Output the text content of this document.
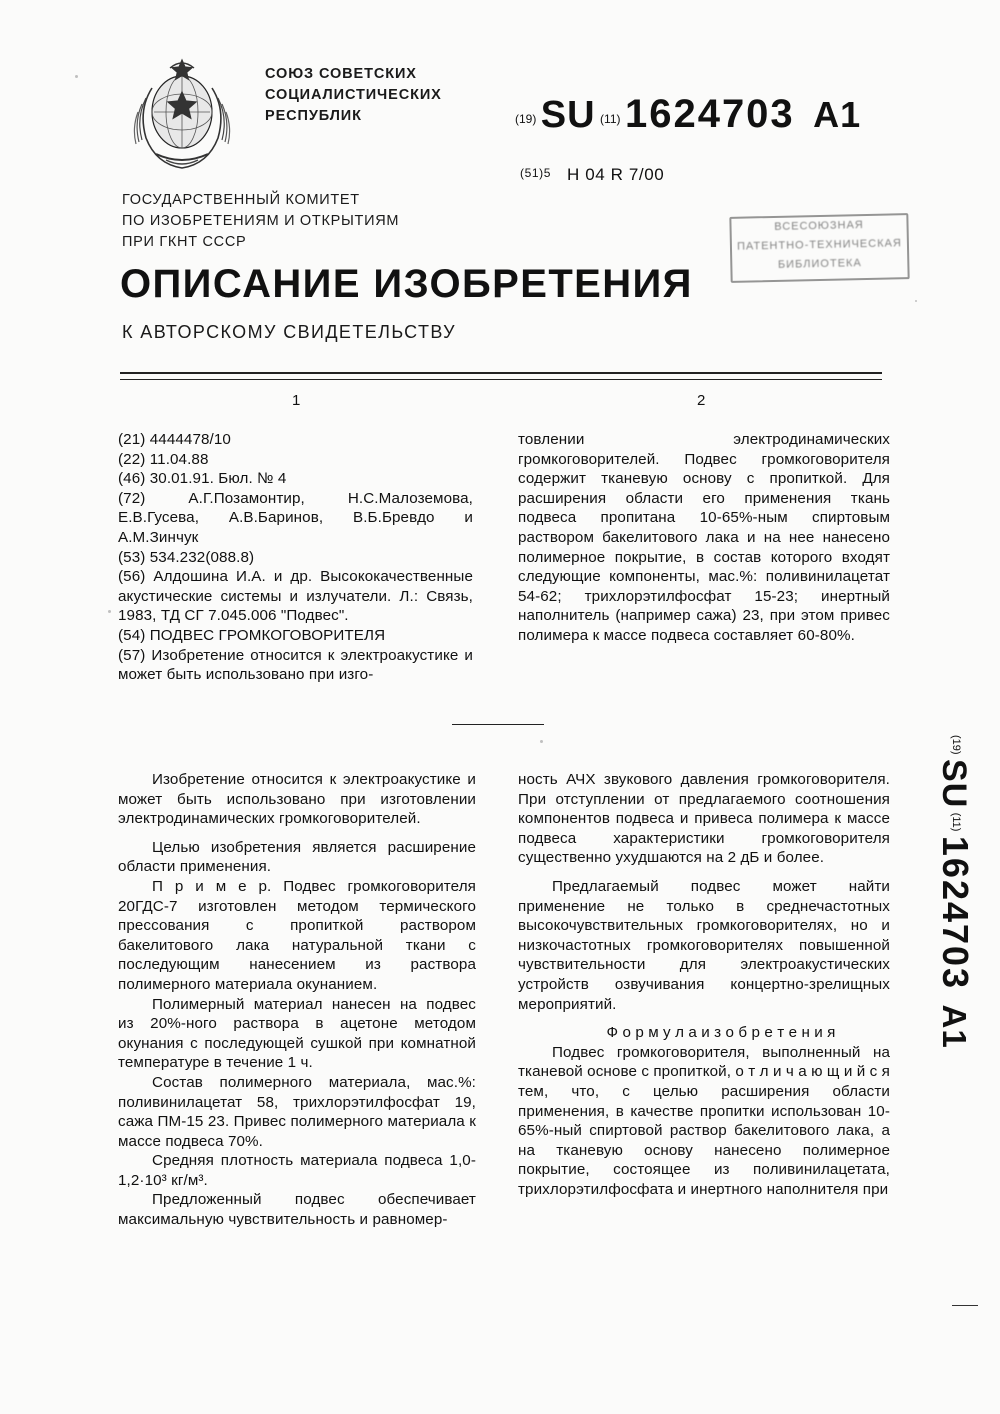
СОЮЗ СОВЕТСКИХ
СОЦИАЛИСТИЧЕСКИХ
РЕСПУБЛИК	$^{(19)}$ SU $^{(11)}$ 1624703 A1
(51)5 H 04 R 7/00
ГОСУДАРСТВЕННЫЙ КОМИТЕТ
ПО ИЗОБРЕТЕНИЯМ И ОТКРЫТИЯМ
ПРИ ГКНТ СССР
ВСЕСОЮЗНАЯ
ПАТЕНТНО-ТЕХНИЧЕСКАЯ
БИБЛИОТЕКА
ОПИСАНИЕ ИЗОБРЕТЕНИЯ
К АВТОРСКОМУ СВИДЕТЕЛЬСТВУ
1	2

(21) 4444478/10

(22) 11.04.88

(46) 30.01.91. Бюл. № 4

(72) А.Г.Позамонтир, Н.С.Малоземова, Е.В.Гусева, А.В.Баринов, В.Б.Бревдо и А.М.Зинчук

(53) 534.232(088.8)

(56) Алдошина И.А. и др. Высококачественные акустические системы и излучатели. Л.: Связь, 1983, ТД СГ 7.045.006 "Подвес".

(54) ПОДВЕС ГРОМКОГОВОРИТЕЛЯ

(57) Изобретение относится к электроакустике и может быть использовано при изго-

товлении электродинамических громкоговорителей. Подвес громкоговорителя содержит тканевую основу с пропиткой. Для расширения области его применения ткань подвеса пропитана 10-65%-ным спиртовым раствором бакелитового лака и на нее нанесено полимерное покрытие, в состав которого входят следующие компоненты, мас.%: поливинилацетат 54-62; трихлорэтилфосфат 15-23; инертный наполнитель (например сажа) 23, при этом привес полимера к массе подвеса составляет 60-80%.

Изобретение относится к электроакустике и может быть использовано при изготовлении электродинамических громкоговорителей.

Целью изобретения является расширение области применения.

П р и м е р. Подвес громкоговорителя 20ГДС-7 изготовлен методом термического прессования с пропиткой раствором бакелитового лака натуральной ткани с последующим нанесением из раствора полимерного материала окунанием.

Полимерный материал нанесен на подвес из 20%-ного раствора в ацетоне методом окунания с последующей сушкой при комнатной температуре в течение 1 ч.

Состав полимерного материала, мас.%: поливинилацетат 58, трихлорэтилфосфат 19, сажа ПМ-15 23. Привес полимерного материала к массе подвеса 70%.

Средняя плотность материала подвеса 1,0-1,2·10³ кг/м³.

Предложенный подвес обеспечивает максимальную чувствительность и равномер-

ность АЧХ звукового давления громкоговорителя. При отступлении от предлагаемого соотношения компонентов подвеса и привеса полимера к массе подвеса характеристики громкоговорителя существенно ухудшаются на 2 дБ и более.

Предлагаемый подвес может найти применение не только в среднечастотных высокочувствительных громкоговорителях, но и низкочастотных громкоговорителях повышенной чувствительности для электроакустических устройств озвучивания концертно-зрелищных мероприятий.

Ф о р м у л а и з о б р е т е н и я

Подвес громкоговорителя, выполненный на тканевой основе с пропиткой, о т л и ч а ю щ и й с я тем, что, с целью расширения области применения, в качестве пропитки использован 10-65%-ный спиртовой раствор бакелитового лака, а на тканевую основу нанесено полимерное покрытие, состоящее из поливинилацетата, трихлорэтилфосфата и инертного наполнителя при

$^{(19)}$ SU $^{(11)}$ 1624703 A1
